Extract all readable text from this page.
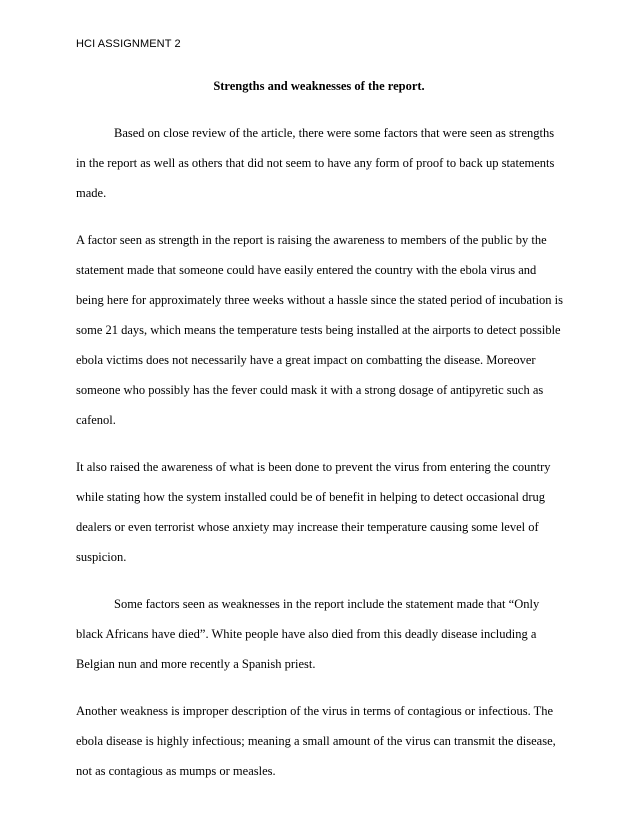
HCI ASSIGNMENT 2
Strengths and weaknesses of the report.
Based on close review of the article, there were some factors that were seen as strengths
in the report as well as others that did not seem to have any form of proof to back up statements
made.
A factor seen as strength in the report is raising the awareness to members of the public by the
statement made that someone could have easily entered the country with the ebola virus and
being here for approximately three weeks without a hassle since the stated period of incubation is
some 21 days, which means the temperature tests being installed at the airports to detect possible
ebola victims does not necessarily have a great impact on combatting the disease. Moreover
someone who possibly has the fever could mask it with a strong dosage of antipyretic such as
cafenol.
It also raised the awareness of what is been done to prevent the virus from entering the country
while stating how the system installed could be of benefit in helping to detect occasional drug
dealers or even terrorist whose anxiety may increase their temperature causing some level of
suspicion.
Some factors seen as weaknesses in the report include the statement made that “Only
black Africans have died”. White people have also died from this deadly disease including a
Belgian nun and more recently a Spanish priest.
Another weakness is improper description of the virus in terms of contagious or infectious. The
ebola disease is highly infectious; meaning a small amount of the virus can transmit the disease,
not as contagious as mumps or measles.
